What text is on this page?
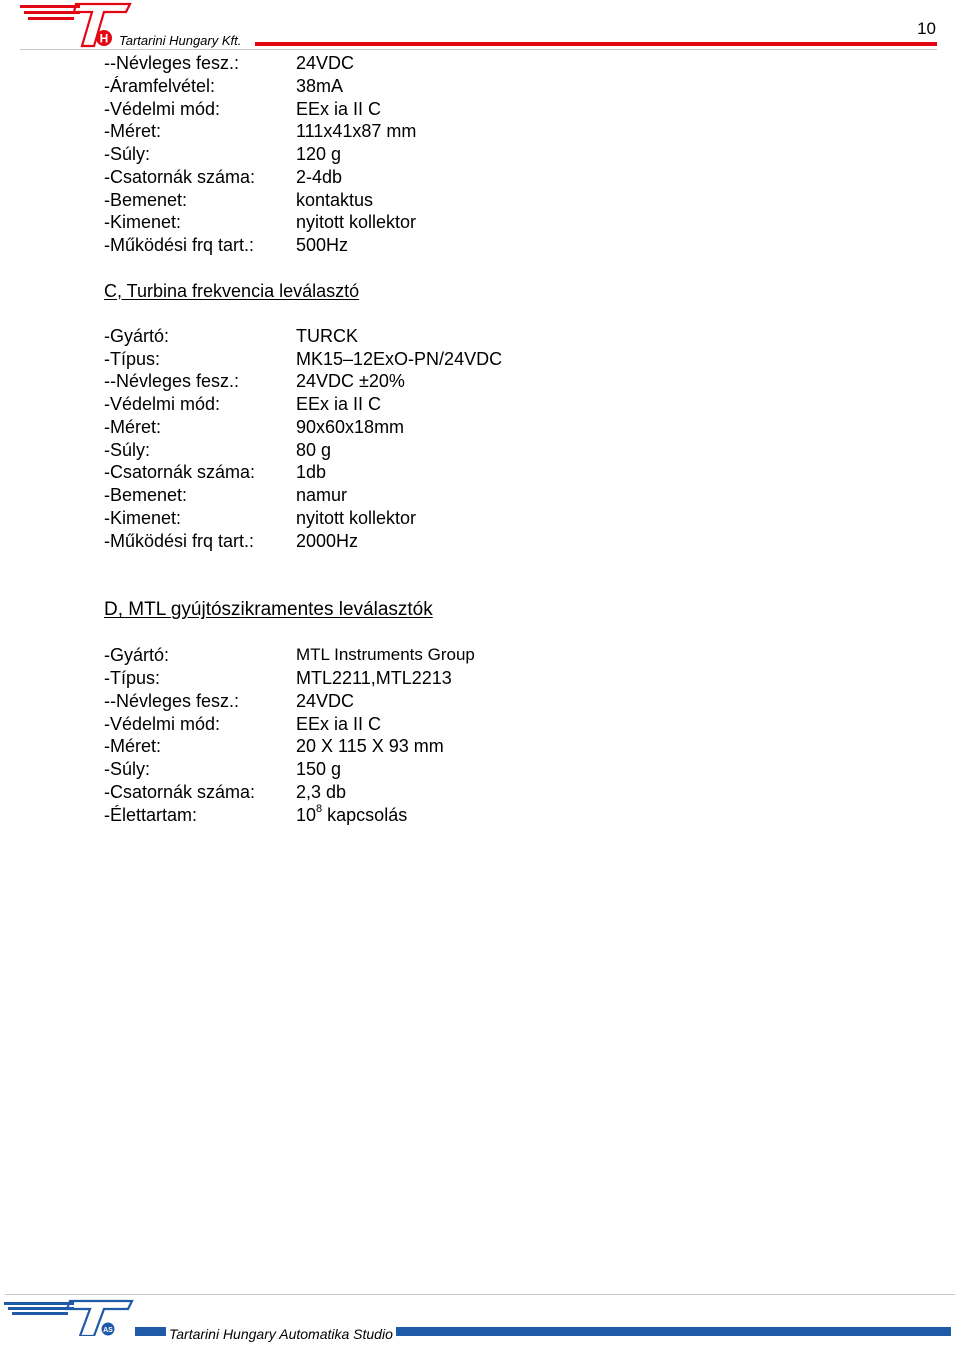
H Tartarini Hungary Kft.
10
--Névleges fesz.:	24VDC
-Áramfelvétel:	38mA
-Védelmi mód:	EEx ia II C
-Méret:	111x41x87 mm
-Súly:	120 g
-Csatornák száma: 2-4db
-Bemenet:	kontaktus
-Kimenet:	nyitott kollektor
-Működési frq tart.: 500Hz
C, Turbina frekvencia leválasztó
-Gyártó:	TURCK
-Típus:	MK15–12ExO-PN/24VDC
--Névleges fesz.:	24VDC ±20%
-Védelmi mód:	EEx ia II C
-Méret:	90x60x18mm
-Súly:	80 g
-Csatornák száma: 1db
-Bemenet:	namur
-Kimenet:	nyitott kollektor
-Működési frq tart.: 2000Hz
D, MTL gyújtószikramentes leválasztók
-Gyártó:	MTL Instruments Group
-Típus:	MTL2211,MTL2213
--Névleges fesz.:	24VDC
-Védelmi mód:	EEx ia II C
-Méret:	20 X 115 X 93 mm
-Súly:	150 g
-Csatornák száma: 2,3 db
-Élettartam:	$10^8$ kapcsolás
AS	Tartarini Hungary Automatika Studio
